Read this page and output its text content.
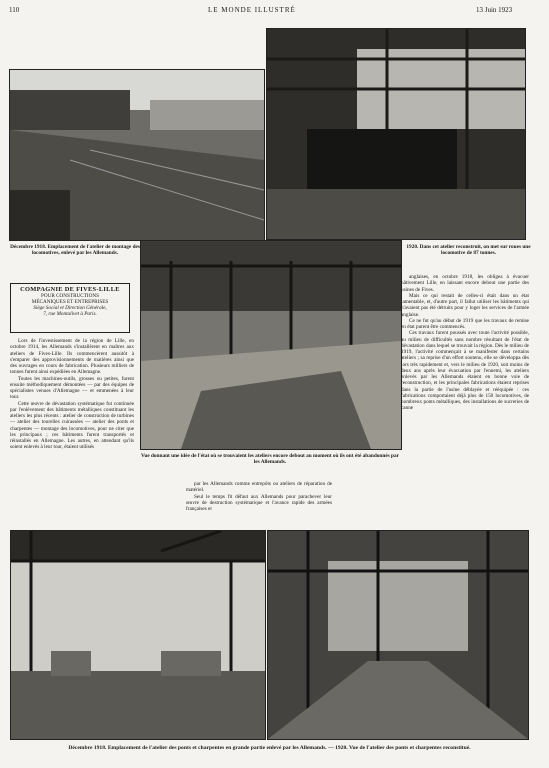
110	LE MONDE ILLUSTRÉ	13 Juin 1923
Décembre 1918. Emplacement de l'atelier de montage des locomotives, enlevé par les Allemands.
1920. Dans cet atelier reconstruit, on met sur roues une locomotive de 87 tonnes.
Vue donnant une idée de l'état où se trouvaient les ateliers encore debout au moment où ils ont été abandonnés par les Allemands.
COMPAGNIE DE FIVES-LILLE
POUR CONSTRUCTIONS
MÉCANIQUES ET ENTREPRISES
Siège Social et Direction Générale,
7, rue Montalivet à Paris.

Lors de l'investissement de la région de Lille, en octobre 1914, les Allemands s'installèrent en maîtres aux ateliers de Fives-Lille. Ils commencèrent aussitôt à s'emparer des approvisionnements de matières ainsi que des ouvrages en cours de fabrication. Plusieurs milliers de tonnes furent ainsi expédiées en Allemagne.

Toutes les machines-outils, grosses ou petites, furent ensuite méthodiquement démontées — par des équipes de spécialistes venues d'Allemagne — et emmenées à leur tour.

Cette œuvre de dévastation systématique fut continuée par l'enlèvement des bâtiments métalliques constituant les ateliers les plus récents : atelier de construction de turbines — atelier des tourelles cuirassées — atelier des ponts et charpentes — montage des locomotives, pour ne citer que les principaux ; ces bâtiments furent transportés et réinstallés en Allemagne. Les autres, en attendant qu'ils soient enlevés à leur tour, étaient utilisés

par les Allemands comme entrepôts ou ateliers de réparation de matériel.

Seul le temps fit défaut aux Allemands pour parachever leur œuvre de destruction systématique et l'avance rapide des armées françaises et

anglaises, en octobre 1918, les obligea à évacuer hâtivement Lille, en laissant encore debout une partie des usines de Fives.

Mais ce qui restait de celles-ci était dans un état lamentable, et, d'autre part, il fallut utiliser les bâtiments qui n'avaient pas été détruits pour y loger les services de l'armée anglaise.

Ce ne fut qu'au début de 1919 que les travaux de remise en état purent être commencés.

Ces travaux furent poussés avec toute l'activité possible, au milieu de difficultés sans nombre résultant de l'état de dévastation dans lequel se trouvait la région. Dès le milieu de 1919, l'activité commençait à se manifester dans certains ateliers ; sa reprise d'un effort soutenu, elle se développa dès lors très rapidement et, vers le milieu de 1920, soit moins de deux ans après leur évacuation par l'ennemi, les ateliers enlevés par les Allemands étaient en bonne voie de reconstruction, et les principales fabrications étaient reprises dans la partie de l'usine déblayée et rééquipée : ces fabrications comportaient déjà plus de 150 locomotives, de nombreux ponts métalliques, des installations de sucreries de canne

Décembre 1918. Emplacement de l'atelier des ponts et charpentes en grande partie enlevé par les Allemands. — 1920. Vue de l'atelier des ponts et charpentes reconstitué.
